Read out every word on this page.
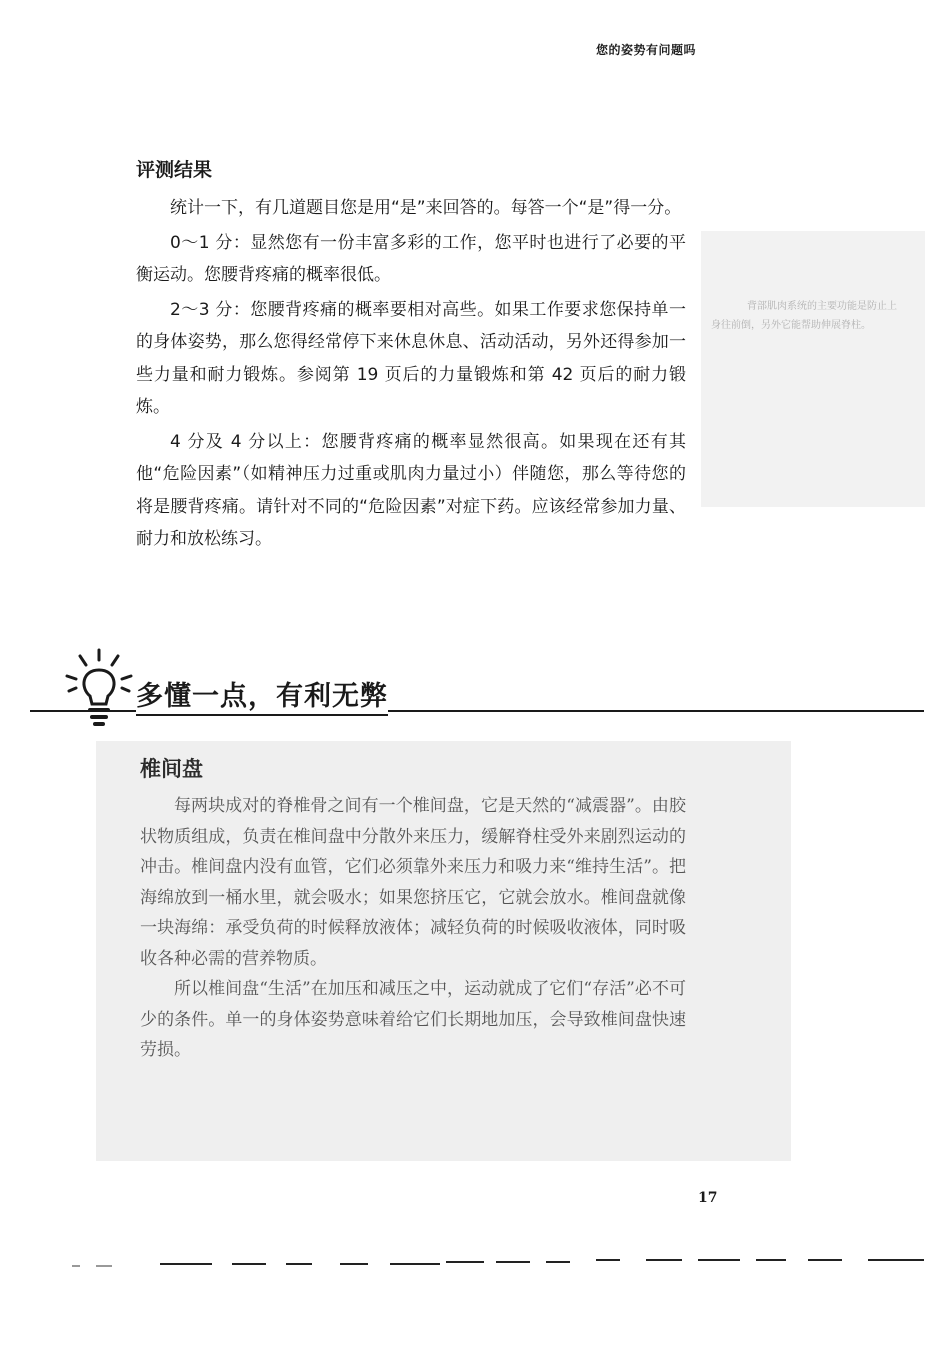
您的姿势有问题吗
评测结果

统计一下，有几道题目您是用“是”来回答的。每答一个“是”得一分。

0～1 分：显然您有一份丰富多彩的工作，您平时也进行了必要的平衡运动。您腰背疼痛的概率很低。

2～3 分：您腰背疼痛的概率要相对高些。如果工作要求您保持单一的身体姿势，那么您得经常停下来休息休息、活动活动，另外还得参加一些力量和耐力锻炼。参阅第 19 页后的力量锻炼和第 42 页后的耐力锻炼。

4 分及 4 分以上：您腰背疼痛的概率显然很高。如果现在还有其他“危险因素”（如精神压力过重或肌肉力量过小）伴随您，那么等待您的将是腰背疼痛。请针对不同的“危险因素”对症下药。应该经常参加力量、耐力和放松练习。

背部肌肉系统的主要功能是防止上身往前倒，另外它能帮助伸展脊柱。
多懂一点，有利无弊
椎间盘

每两块成对的脊椎骨之间有一个椎间盘，它是天然的“减震器”。由胶状物质组成，负责在椎间盘中分散外来压力，缓解脊柱受外来剧烈运动的冲击。椎间盘内没有血管，它们必须靠外来压力和吸力来“维持生活”。把海绵放到一桶水里，就会吸水；如果您挤压它，它就会放水。椎间盘就像一块海绵：承受负荷的时候释放液体；减轻负荷的时候吸收液体，同时吸收各种必需的营养物质。

所以椎间盘“生活”在加压和减压之中，运动就成了它们“存活”必不可少的条件。单一的身体姿势意味着给它们长期地加压，会导致椎间盘快速劳损。

17
